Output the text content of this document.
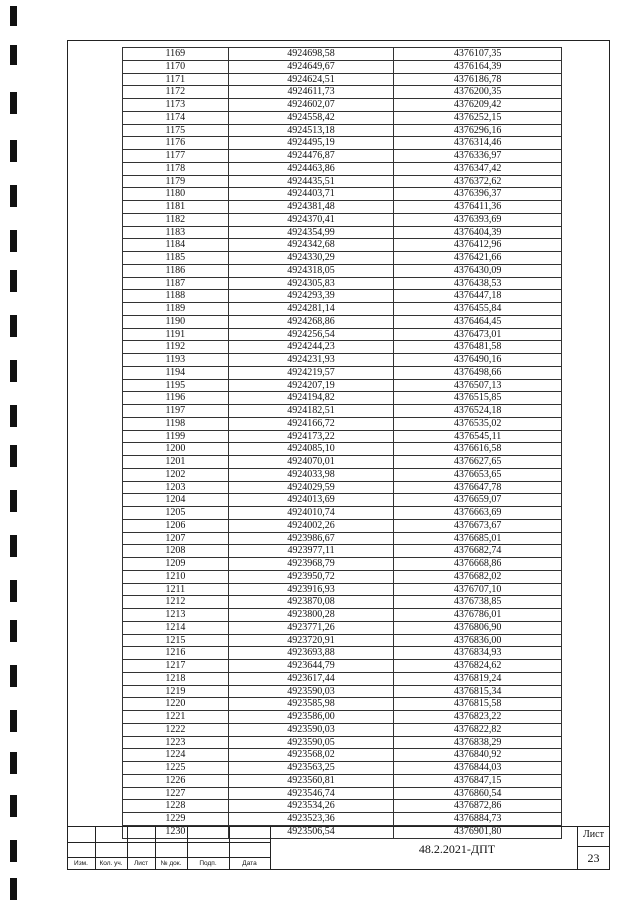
1169	4924698,58	4376107,35
1170	4924649,67	4376164,39
1171	4924624,51	4376186,78
1172	4924611,73	4376200,35
1173	4924602,07	4376209,42
1174	4924558,42	4376252,15
1175	4924513,18	4376296,16
1176	4924495,19	4376314,46
1177	4924476,87	4376336,97
1178	4924463,86	4376347,42
1179	4924435,51	4376372,62
1180	4924403,71	4376396,37
1181	4924381,48	4376411,36
1182	4924370,41	4376393,69
1183	4924354,99	4376404,39
1184	4924342,68	4376412,96
1185	4924330,29	4376421,66
1186	4924318,05	4376430,09
1187	4924305,83	4376438,53
1188	4924293,39	4376447,18
1189	4924281,14	4376455,84
1190	4924268,86	4376464,45
1191	4924256,54	4376473,01
1192	4924244,23	4376481,58
1193	4924231,93	4376490,16
1194	4924219,57	4376498,66
1195	4924207,19	4376507,13
1196	4924194,82	4376515,85
1197	4924182,51	4376524,18
1198	4924166,72	4376535,02
1199	4924173,22	4376545,11
1200	4924085,10	4376616,58
1201	4924070,01	4376627,65
1202	4924033,98	4376653,65
1203	4924029,59	4376647,78
1204	4924013,69	4376659,07
1205	4924010,74	4376663,69
1206	4924002,26	4376673,67
1207	4923986,67	4376685,01
1208	4923977,11	4376682,74
1209	4923968,79	4376668,86
1210	4923950,72	4376682,02
1211	4923916,93	4376707,10
1212	4923870,08	4376738,85
1213	4923800,28	4376786,01
1214	4923771,26	4376806,90
1215	4923720,91	4376836,00
1216	4923693,88	4376834,93
1217	4923644,79	4376824,62
1218	4923617,44	4376819,24
1219	4923590,03	4376815,34
1220	4923585,98	4376815,58
1221	4923586,00	4376823,22
1222	4923590,03	4376822,82
1223	4923590,05	4376838,29
1224	4923568,02	4376840,92
1225	4923563,25	4376844,03
1226	4923560,81	4376847,15
1227	4923546,74	4376860,54
1228	4923534,26	4376872,86
1229	4923523,36	4376884,73
1230	4923506,54	4376901,80
Изм.	Кол. уч.	Лист	№ док.	Подп.	Дата
48.2.2021-ДПТ
Лист
23
